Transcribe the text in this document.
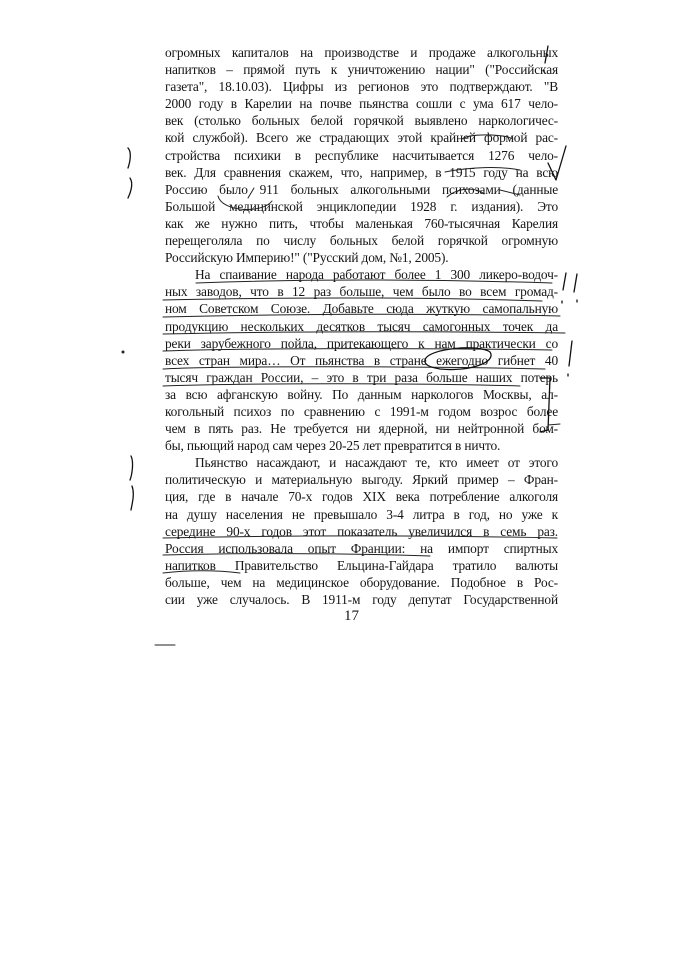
огромных капиталов на производстве и продаже алкогольных
напитков – прямой путь к уничтожению нации" ("Российская
газета", 18.10.03). Цифры из регионов это подтверждают. "В
2000 году в Карелии на почве пьянства сошли с ума 617 чело-
век (столько больных белой горячкой выявлено наркологичес-
кой службой). Всего же страдающих этой крайней формой рас-
стройства психики в республике насчитывается 1276 чело-
век. Для сравнения скажем, что, например, в 1915 году на всю
Россию было 911 больных алкогольными психозами (данные
Большой медицинской энциклопедии 1928 г. издания). Это
как же нужно пить, чтобы маленькая 760-тысячная Карелия
перещеголяла по числу больных белой горячкой огромную
Российскую Империю!" ("Русский дом, №1, 2005).
На спаивание народа работают более 1 300 ликеро-водоч-
ных заводов, что в 12 раз больше, чем было во всем громад-
ном Советском Союзе. Добавьте сюда жуткую самопальную
продукцию нескольких десятков тысяч самогонных точек да
реки зарубежного пойла, притекающего к нам практически со
всех стран мира… От пьянства в стране ежегодно гибнет 40
тысяч граждан России, – это в три раза больше наших потерь
за всю афганскую войну. По данным наркологов Москвы, ал-
когольный психоз по сравнению с 1991-м годом возрос более
чем в пять раз. Не требуется ни ядерной, ни нейтронной бом-
бы, пьющий народ сам через 20-25 лет превратится в ничто.
Пьянство насаждают, и насаждают те, кто имеет от этого
политическую и материальную выгоду. Яркий пример – Фран-
ция, где в начале 70-х годов XIX века потребление алкоголя
на душу населения не превышало 3-4 литра в год, но уже к
середине 90-х годов этот показатель увеличился в семь раз.
Россия использовала опыт Франции: на импорт спиртных
напитков Правительство Ельцина-Гайдара тратило валюты
больше, чем на медицинское оборудование. Подобное в Рос-
сии уже случалось. В 1911-м году депутат Государственной
17
